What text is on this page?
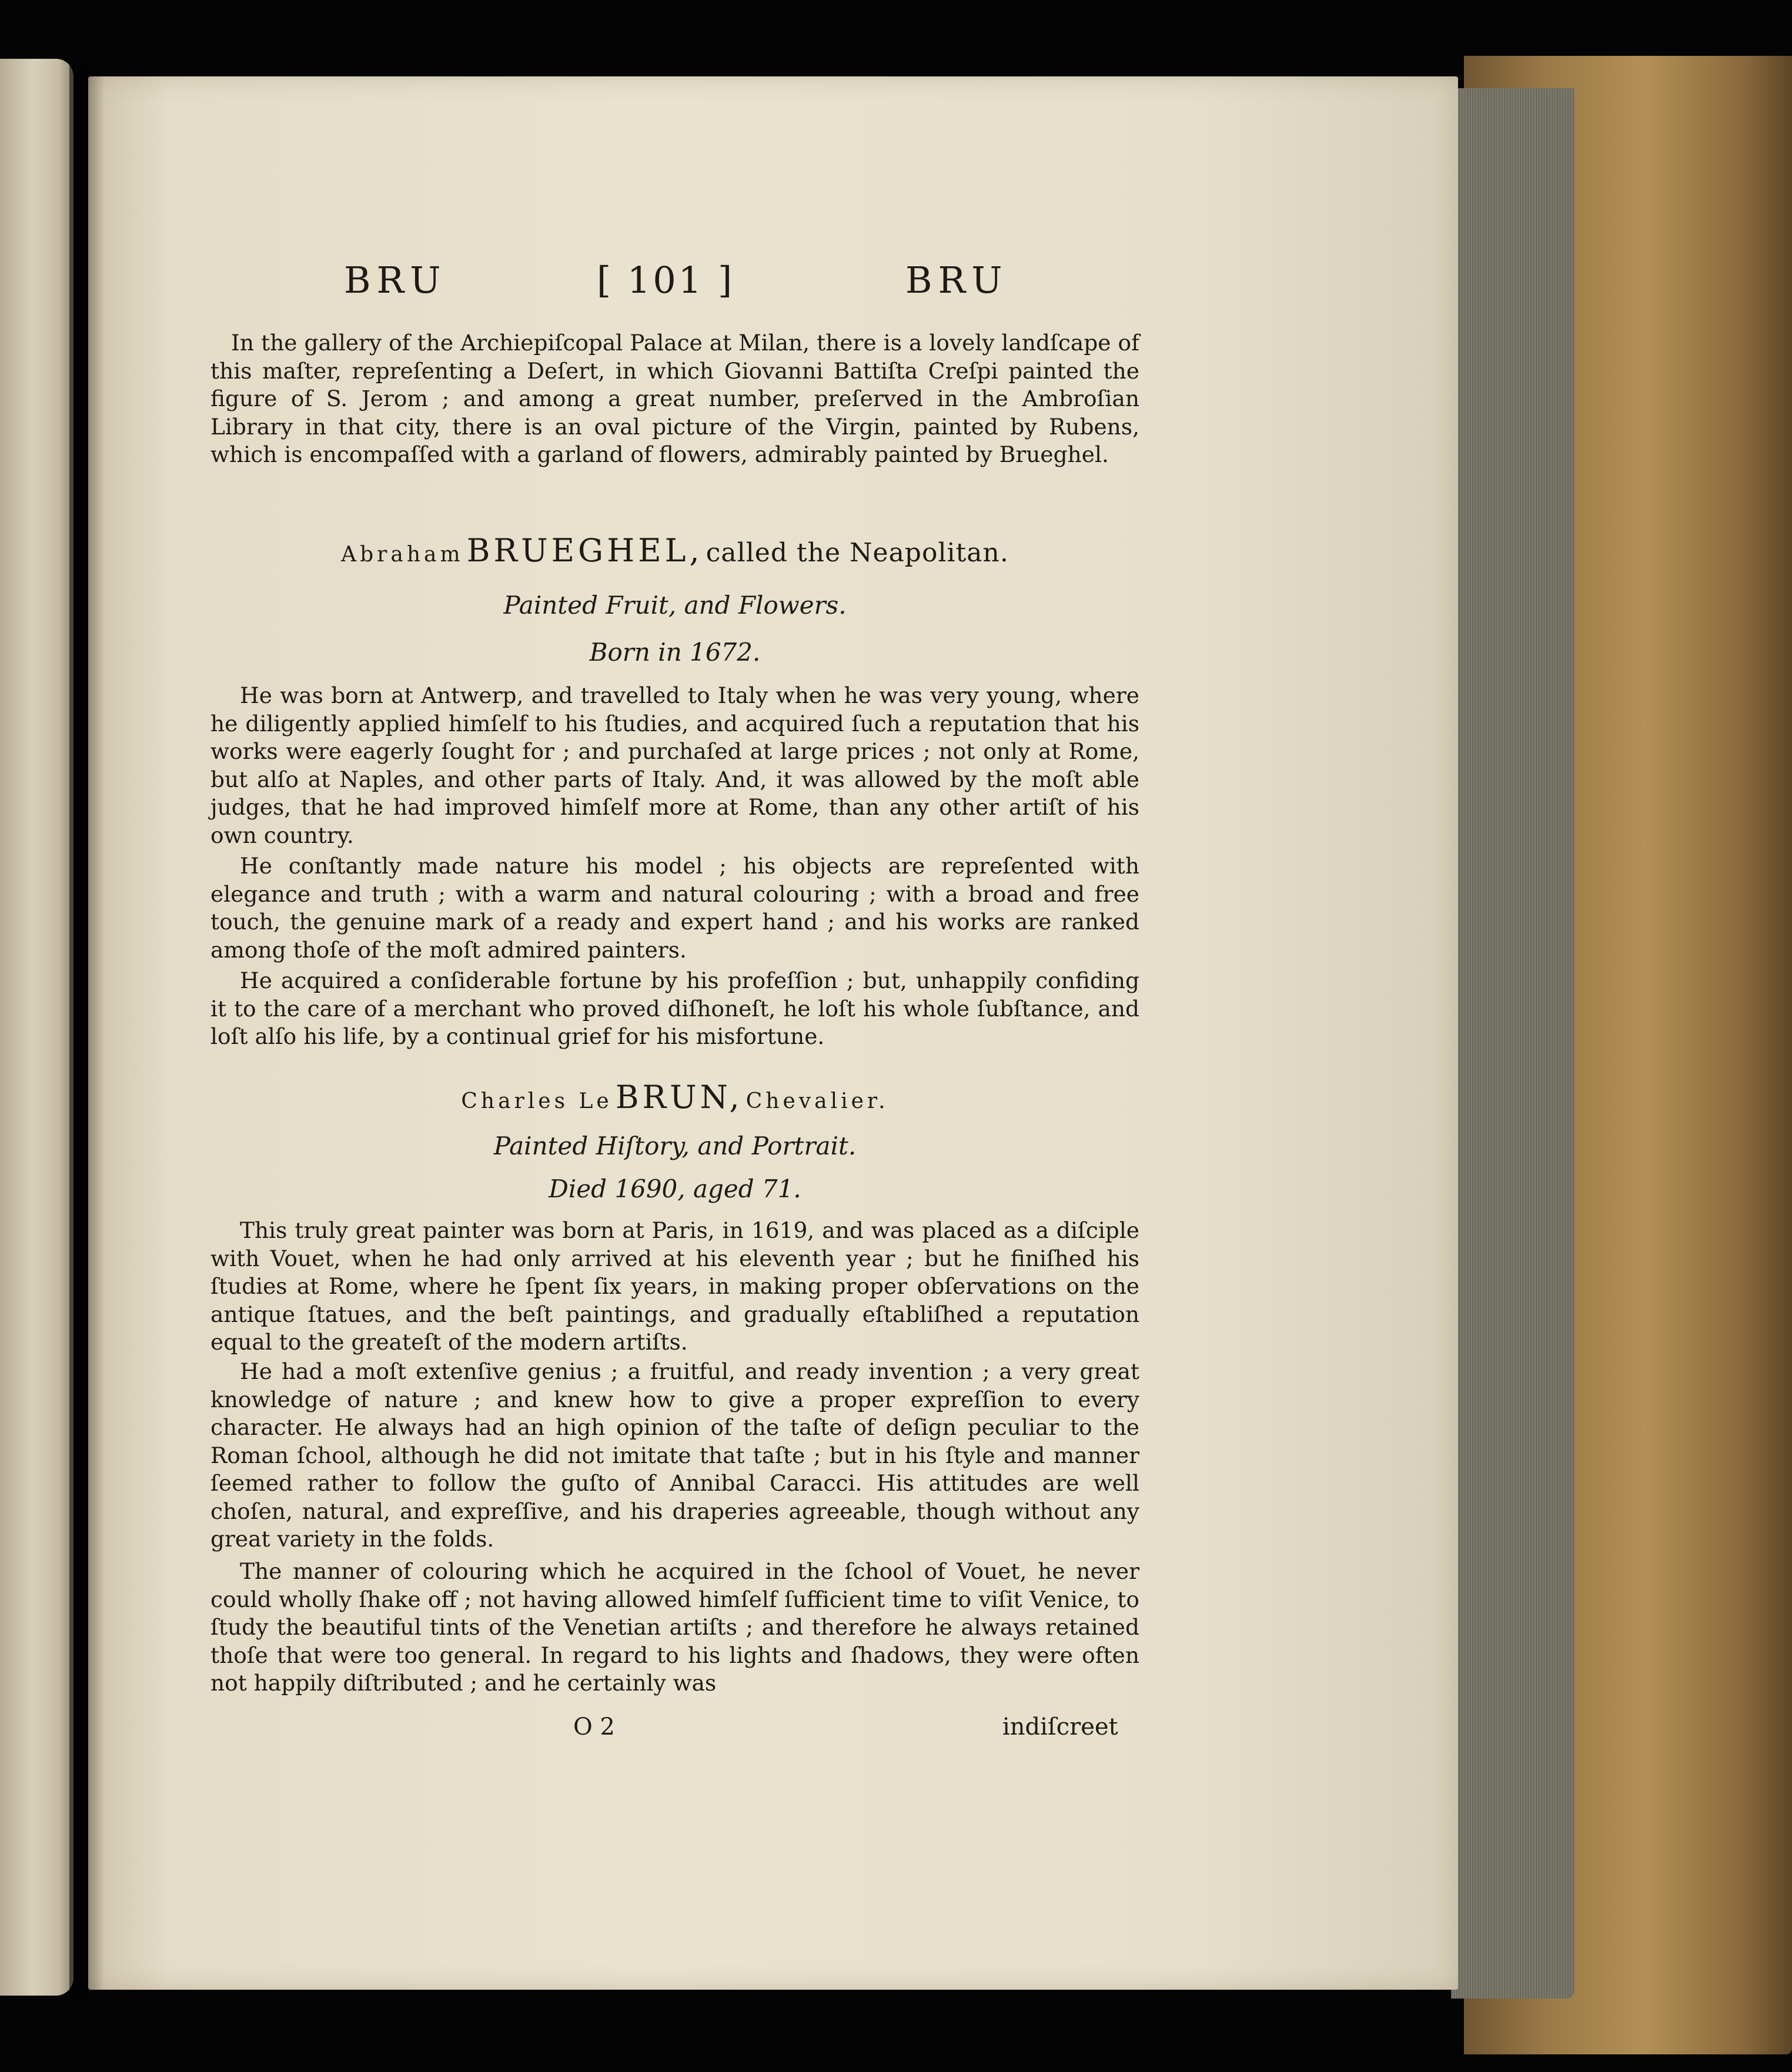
BRU	[ 101 ]	BRU

In the gallery of the Archiepiſcopal Palace at Milan, there is a lovely landſcape of this maſter, repreſenting a Deſert, in which Giovanni Battiſta Creſpi painted the figure of S. Jerom ; and among a great number, preſerved in the Ambroſian Library in that city, there is an oval picture of the Virgin, painted by Rubens, which is encompaſſed with a garland of flowers, admirably painted by Brueghel.

Abraham BRUEGHEL, called the Neapolitan.
Painted Fruit, and Flowers.
Born in 1672.

He was born at Antwerp, and travelled to Italy when he was very young, where he diligently applied himſelf to his ſtudies, and acquired ſuch a reputation that his works were eagerly ſought for ; and purchaſed at large prices ; not only at Rome, but alſo at Naples, and other parts of Italy. And, it was allowed by the moſt able judges, that he had improved himſelf more at Rome, than any other artiſt of his own country.

He conſtantly made nature his model ; his objects are repreſented with elegance and truth ; with a warm and natural colouring ; with a broad and free touch, the genuine mark of a ready and expert hand ; and his works are ranked among thoſe of the moſt admired painters.

He acquired a conſiderable fortune by his profeſſion ; but, unhappily confiding it to the care of a merchant who proved diſhoneſt, he loſt his whole ſubſtance, and loſt alſo his life, by a continual grief for his misfortune.

Charles Le BRUN, Chevalier.
Painted Hiſtory, and Portrait.
Died 1690, aged 71.

This truly great painter was born at Paris, in 1619, and was placed as a diſciple with Vouet, when he had only arrived at his eleventh year ; but he finiſhed his ſtudies at Rome, where he ſpent ſix years, in making proper obſervations on the antique ſtatues, and the beſt paintings, and gradually eſtabliſhed a reputation equal to the greateſt of the modern artiſts.

He had a moſt extenſive genius ; a fruitful, and ready invention ; a very great knowledge of nature ; and knew how to give a proper expreſſion to every character. He always had an high opinion of the taſte of deſign peculiar to the Roman ſchool, although he did not imitate that taſte ; but in his ſtyle and manner ſeemed rather to follow the guſto of Annibal Caracci. His attitudes are well choſen, natural, and expreſſive, and his draperies agreeable, though without any great variety in the folds.

The manner of colouring which he acquired in the ſchool of Vouet, he never could wholly ſhake off ; not having allowed himſelf ſufficient time to viſit Venice, to ſtudy the beautiful tints of the Venetian artiſts ; and therefore he always retained thoſe that were too general. In regard to his lights and ſhadows, they were often not happily diſtributed ; and he certainly was

O 2	indiſcreet
